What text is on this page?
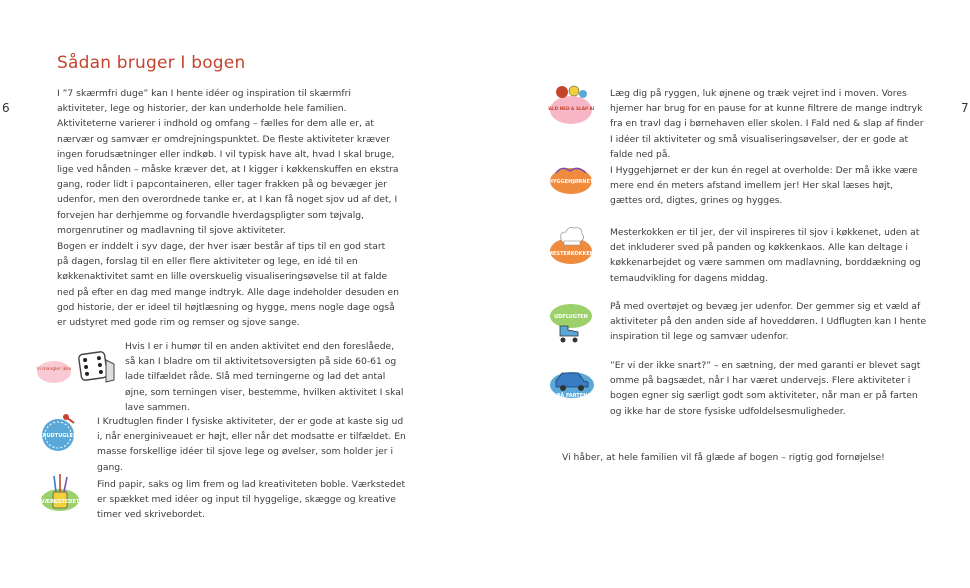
6	7
Sådan bruger I bogen

I ”7 skærmfri duge” kan I hente idéer og inspiration til skærmfri aktiviteter, lege og historier, der kan underholde hele familien. Aktiviteterne varierer i indhold og omfang – fælles for dem alle er, at nærvær og samvær er omdrejningspunktet. De fleste aktiviteter kræver ingen forudsætninger eller indkøb. I vil typisk have alt, hvad I skal bruge, lige ved hånden – måske kræver det, at I kigger i køkkenskuffen en ekstra gang, roder lidt i papcontaineren, eller tager frakken på og bevæger jer udenfor, men den overordnede tanke er, at I kan få noget sjov ud af det, I forvejen har derhjemme og forvandle hverdagspligter som tøjvalg, morgenrutiner og madlavning til sjove aktiviteter.

Bogen er inddelt i syv dage, der hver især består af tips til en god start på dagen, forslag til en eller flere aktiviteter og lege, en idé til en køkkenaktivitet samt en lille overskuelig visualiseringsøvelse til at falde ned på efter en dag med mange indtryk. Alle dage indeholder desuden en god historie, der er ideel til højtlæsning og hygge, mens nogle dage også er udstyret med gode rim og remser og sjove sange.

Vi mangler ikke

Hvis I er i humør til en anden aktivitet end den foreslåede, så kan I bladre om til aktivitetsoversigten på side 60-61 og lade tilfældet råde. Slå med terningerne og lad det antal øjne, som terningen viser, bestemme, hvilken aktivitet I skal lave sammen.

KRUDTUGLEN

I Krudtuglen finder I fysiske aktiviteter, der er gode at kaste sig ud i, når energiniveauet er højt, eller når det modsatte er tilfældet. En masse forskellige idéer til sjove lege og øvelser, som holder jer i gang.

VÆRKSTEDET

Find papir, saks og lim frem og lad kreativiteten boble. Værkstedet er spækket med idéer og input til hyggelige, skægge og kreative timer ved skrivebordet.

FALD NED & SLAP AF

Læg dig på ryggen, luk øjnene og træk vejret ind i moven. Vores hjerner har brug for en pause for at kunne filtrere de mange indtryk fra en travl dag i børnehaven eller skolen. I Fald ned & slap af finder I idéer til aktiviteter og små visualiseringsøvelser, der er gode at falde ned på.

HYGGEHJØRNET

I Hyggehjørnet er der kun én regel at overholde: Der må ikke være mere end én meters afstand imellem jer! Her skal læses højt, gættes ord, digtes, grines og hygges.

MESTERKOKKEN

Mesterkokken er til jer, der vil inspireres til sjov i køkkenet, uden at det inkluderer sved på panden og køkkenkaos. Alle kan deltage i køkkenarbejdet og være sammen om madlavning, borddækning og temaudvikling for dagens middag.

UDFLUGTEN

På med overtøjet og bevæg jer udenfor. Der gemmer sig et væld af aktiviteter på den anden side af hoveddøren. I Udflugten kan I hente inspiration til lege og samvær udenfor.

PÅ FARTEN

”Er vi der ikke snart?” – en sætning, der med garanti er blevet sagt omme på bagsædet, når I har været undervejs. Flere aktiviteter i bogen egner sig særligt godt som aktiviteter, når man er på farten og ikke har de store fysiske udfoldelsesmuligheder.

Vi håber, at hele familien vil få glæde af bogen – rigtig god fornøjelse!
